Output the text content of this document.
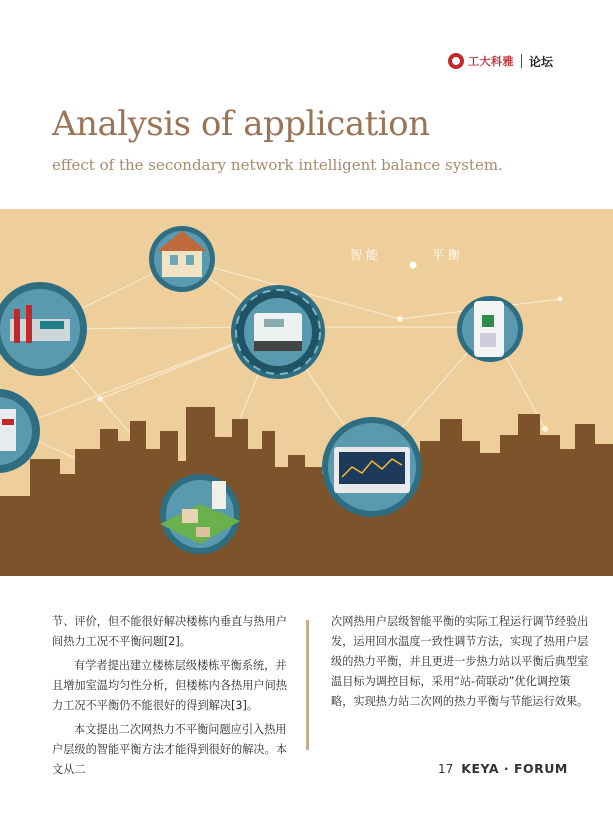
工大科雅 论坛
Analysis of application

effect of the secondary network intelligent balance system.

智 能	平 衡

节、评价，但不能很好解决楼栋内垂直与热用户间热力工况不平衡问题[2]。

有学者提出建立楼栋层级楼栋平衡系统，并且增加室温均匀性分析，但楼栋内各热用户间热力工况不平衡仍不能很好的得到解决[3]。

本文提出二次网热力不平衡问题应引入热用户层级的智能平衡方法才能得到很好的解决。本文从二

次网热用户层级智能平衡的实际工程运行调节经验出发，运用回水温度一致性调节方法，实现了热用户层级的热力平衡，并且更进一步热力站以平衡后典型室温目标为调控目标，采用“站-荷联动”优化调控策略，实现热力站二次网的热力平衡与节能运行效果。

17 KEYA · FORUM
